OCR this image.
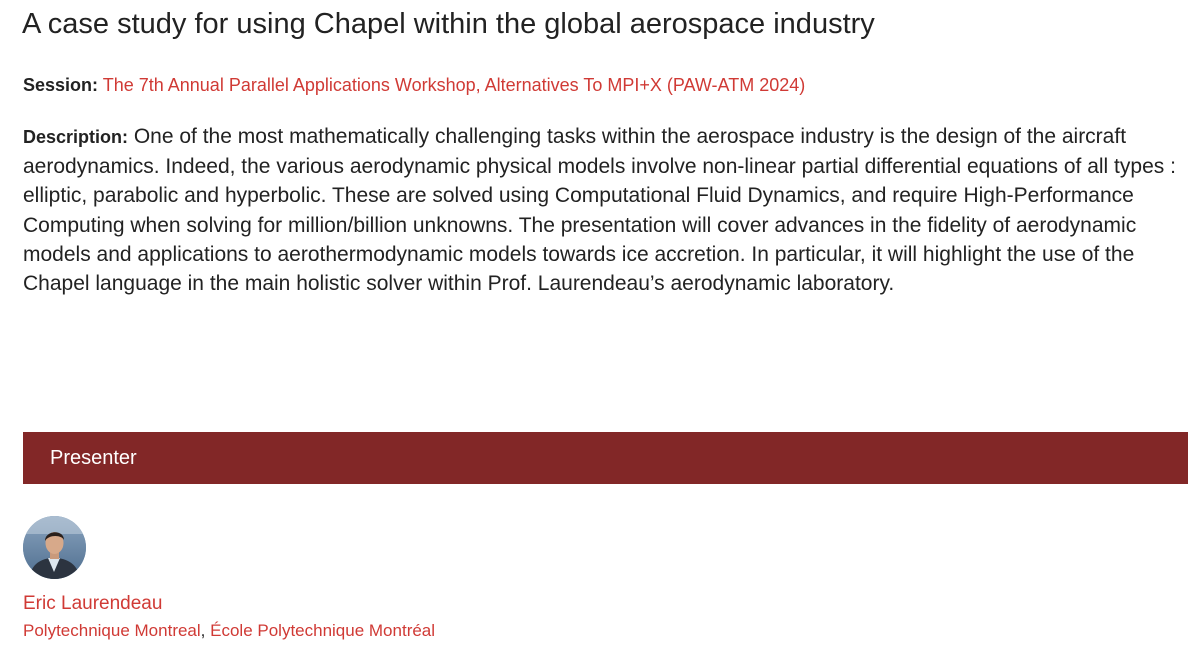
A case study for using Chapel within the global aerospace industry
Session: The 7th Annual Parallel Applications Workshop, Alternatives To MPI+X (PAW-ATM 2024)

Description: One of the most mathematically challenging tasks within the aerospace industry is the design of the aircraft aerodynamics. Indeed, the various aerodynamic physical models involve non-linear partial differential equations of all types : elliptic, parabolic and hyperbolic. These are solved using Computational Fluid Dynamics, and require High-Performance Computing when solving for million/billion unknowns. The presentation will cover advances in the fidelity of aerodynamic models and applications to aerothermodynamic models towards ice accretion. In particular, it will highlight the use of the Chapel language in the main holistic solver within Prof. Laurendeau’s aerodynamic laboratory.

Presenter
Eric Laurendeau
Polytechnique Montreal, École Polytechnique Montréal
